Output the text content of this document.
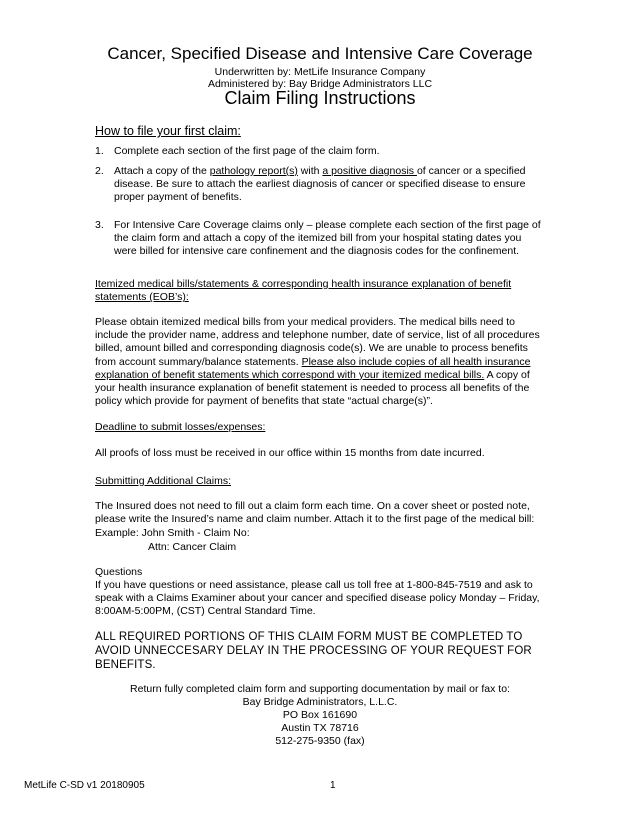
Cancer, Specified Disease and Intensive Care Coverage
Underwritten by: MetLife Insurance Company
Administered by: Bay Bridge Administrators LLC
Claim Filing Instructions
How to file your first claim:
1. Complete each section of the first page of the claim form.
2. Attach a copy of the pathology report(s) with a positive diagnosis of cancer or a specified disease. Be sure to attach the earliest diagnosis of cancer or specified disease to ensure proper payment of benefits.
3. For Intensive Care Coverage claims only – please complete each section of the first page of the claim form and attach a copy of the itemized bill from your hospital stating dates you were billed for intensive care confinement and the diagnosis codes for the confinement.
Itemized medical bills/statements & corresponding health insurance explanation of benefit statements (EOB’s):
Please obtain itemized medical bills from your medical providers. The medical bills need to include the provider name, address and telephone number, date of service, list of all procedures billed, amount billed and corresponding diagnosis code(s). We are unable to process benefits from account summary/balance statements. Please also include copies of all health insurance explanation of benefit statements which correspond with your itemized medical bills. A copy of your health insurance explanation of benefit statement is needed to process all benefits of the policy which provide for payment of benefits that state “actual charge(s)”.
Deadline to submit losses/expenses:
All proofs of loss must be received in our office within 15 months from date incurred.
Submitting Additional Claims:
The Insured does not need to fill out a claim form each time. On a cover sheet or posted note, please write the Insured’s name and claim number. Attach it to the first page of the medical bill:
Example: John Smith - Claim No:
Attn: Cancer Claim
Questions
If you have questions or need assistance, please call us toll free at 1-800-845-7519 and ask to speak with a Claims Examiner about your cancer and specified disease policy Monday – Friday, 8:00AM-5:00PM, (CST) Central Standard Time.
ALL REQUIRED PORTIONS OF THIS CLAIM FORM MUST BE COMPLETED TO AVOID UNNECCESARY DELAY IN THE PROCESSING OF YOUR REQUEST FOR BENEFITS.
Return fully completed claim form and supporting documentation by mail or fax to:
Bay Bridge Administrators, L.L.C.
PO Box 161690
Austin TX 78716
512-275-9350 (fax)
MetLife C-SD v1 20180905	1
